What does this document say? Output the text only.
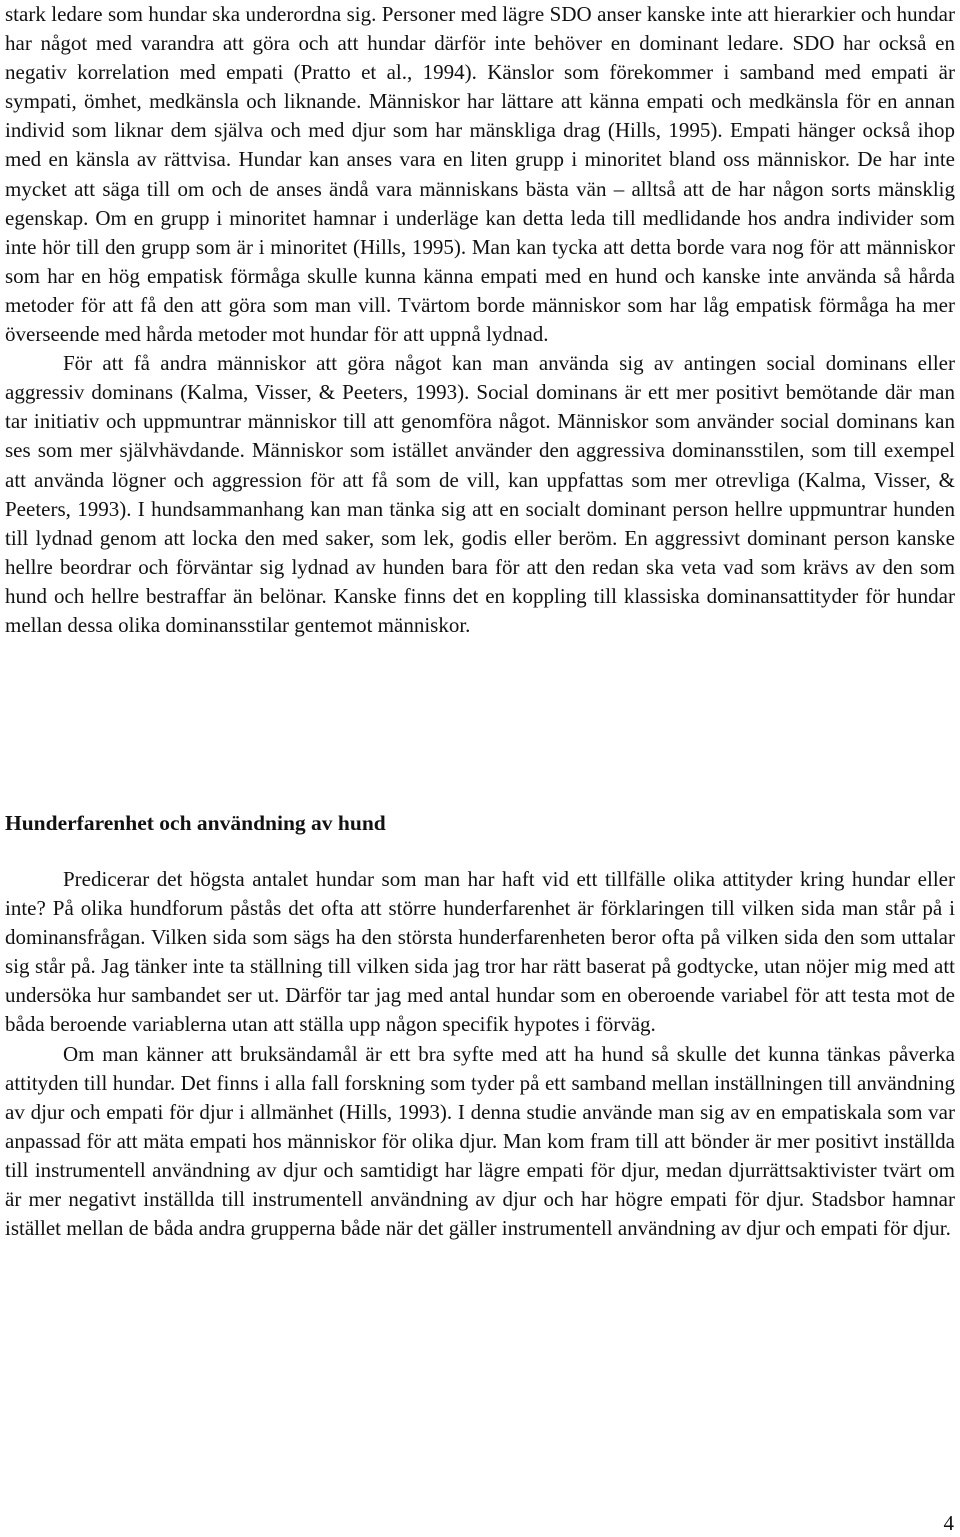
stark ledare som hundar ska underordna sig. Personer med lägre SDO anser kanske inte att hierarkier och hundar har något med varandra att göra och att hundar därför inte behöver en dominant ledare. SDO har också en negativ korrelation med empati (Pratto et al., 1994). Känslor som förekommer i samband med empati är sympati, ömhet, medkänsla och liknande. Människor har lättare att känna empati och medkänsla för en annan individ som liknar dem själva och med djur som har mänskliga drag (Hills, 1995). Empati hänger också ihop med en känsla av rättvisa. Hundar kan anses vara en liten grupp i minoritet bland oss människor. De har inte mycket att säga till om och de anses ändå vara människans bästa vän – alltså att de har någon sorts mänsklig egenskap. Om en grupp i minoritet hamnar i underläge kan detta leda till medlidande hos andra individer som inte hör till den grupp som är i minoritet (Hills, 1995). Man kan tycka att detta borde vara nog för att människor som har en hög empatisk förmåga skulle kunna känna empati med en hund och kanske inte använda så hårda metoder för att få den att göra som man vill. Tvärtom borde människor som har låg empatisk förmåga ha mer överseende med hårda metoder mot hundar för att uppnå lydnad.

För att få andra människor att göra något kan man använda sig av antingen social dominans eller aggressiv dominans (Kalma, Visser, & Peeters, 1993). Social dominans är ett mer positivt bemötande där man tar initiativ och uppmuntrar människor till att genomföra något. Människor som använder social dominans kan ses som mer självhävdande. Människor som istället använder den aggressiva dominansstilen, som till exempel att använda lögner och aggression för att få som de vill, kan uppfattas som mer otrevliga (Kalma, Visser, & Peeters, 1993). I hundsammanhang kan man tänka sig att en socialt dominant person hellre uppmuntrar hunden till lydnad genom att locka den med saker, som lek, godis eller beröm. En aggressivt dominant person kanske hellre beordrar och förväntar sig lydnad av hunden bara för att den redan ska veta vad som krävs av den som hund och hellre bestraffar än belönar. Kanske finns det en koppling till klassiska dominansattityder för hundar mellan dessa olika dominansstilar gentemot människor.

Hunderfarenhet och användning av hund

Predicerar det högsta antalet hundar som man har haft vid ett tillfälle olika attityder kring hundar eller inte? På olika hundforum påstås det ofta att större hunderfarenhet är förklaringen till vilken sida man står på i dominansfrågan. Vilken sida som sägs ha den största hunderfarenheten beror ofta på vilken sida den som uttalar sig står på. Jag tänker inte ta ställning till vilken sida jag tror har rätt baserat på godtycke, utan nöjer mig med att undersöka hur sambandet ser ut. Därför tar jag med antal hundar som en oberoende variabel för att testa mot de båda beroende variablerna utan att ställa upp någon specifik hypotes i förväg.

Om man känner att bruksändamål är ett bra syfte med att ha hund så skulle det kunna tänkas påverka attityden till hundar. Det finns i alla fall forskning som tyder på ett samband mellan inställningen till användning av djur och empati för djur i allmänhet (Hills, 1993). I denna studie använde man sig av en empatiskala som var anpassad för att mäta empati hos människor för olika djur. Man kom fram till att bönder är mer positivt inställda till instrumentell användning av djur och samtidigt har lägre empati för djur, medan djurrättsaktivister tvärt om är mer negativt inställda till instrumentell användning av djur och har högre empati för djur. Stadsbor hamnar istället mellan de båda andra grupperna både när det gäller instrumentell användning av djur och empati för djur.

4
